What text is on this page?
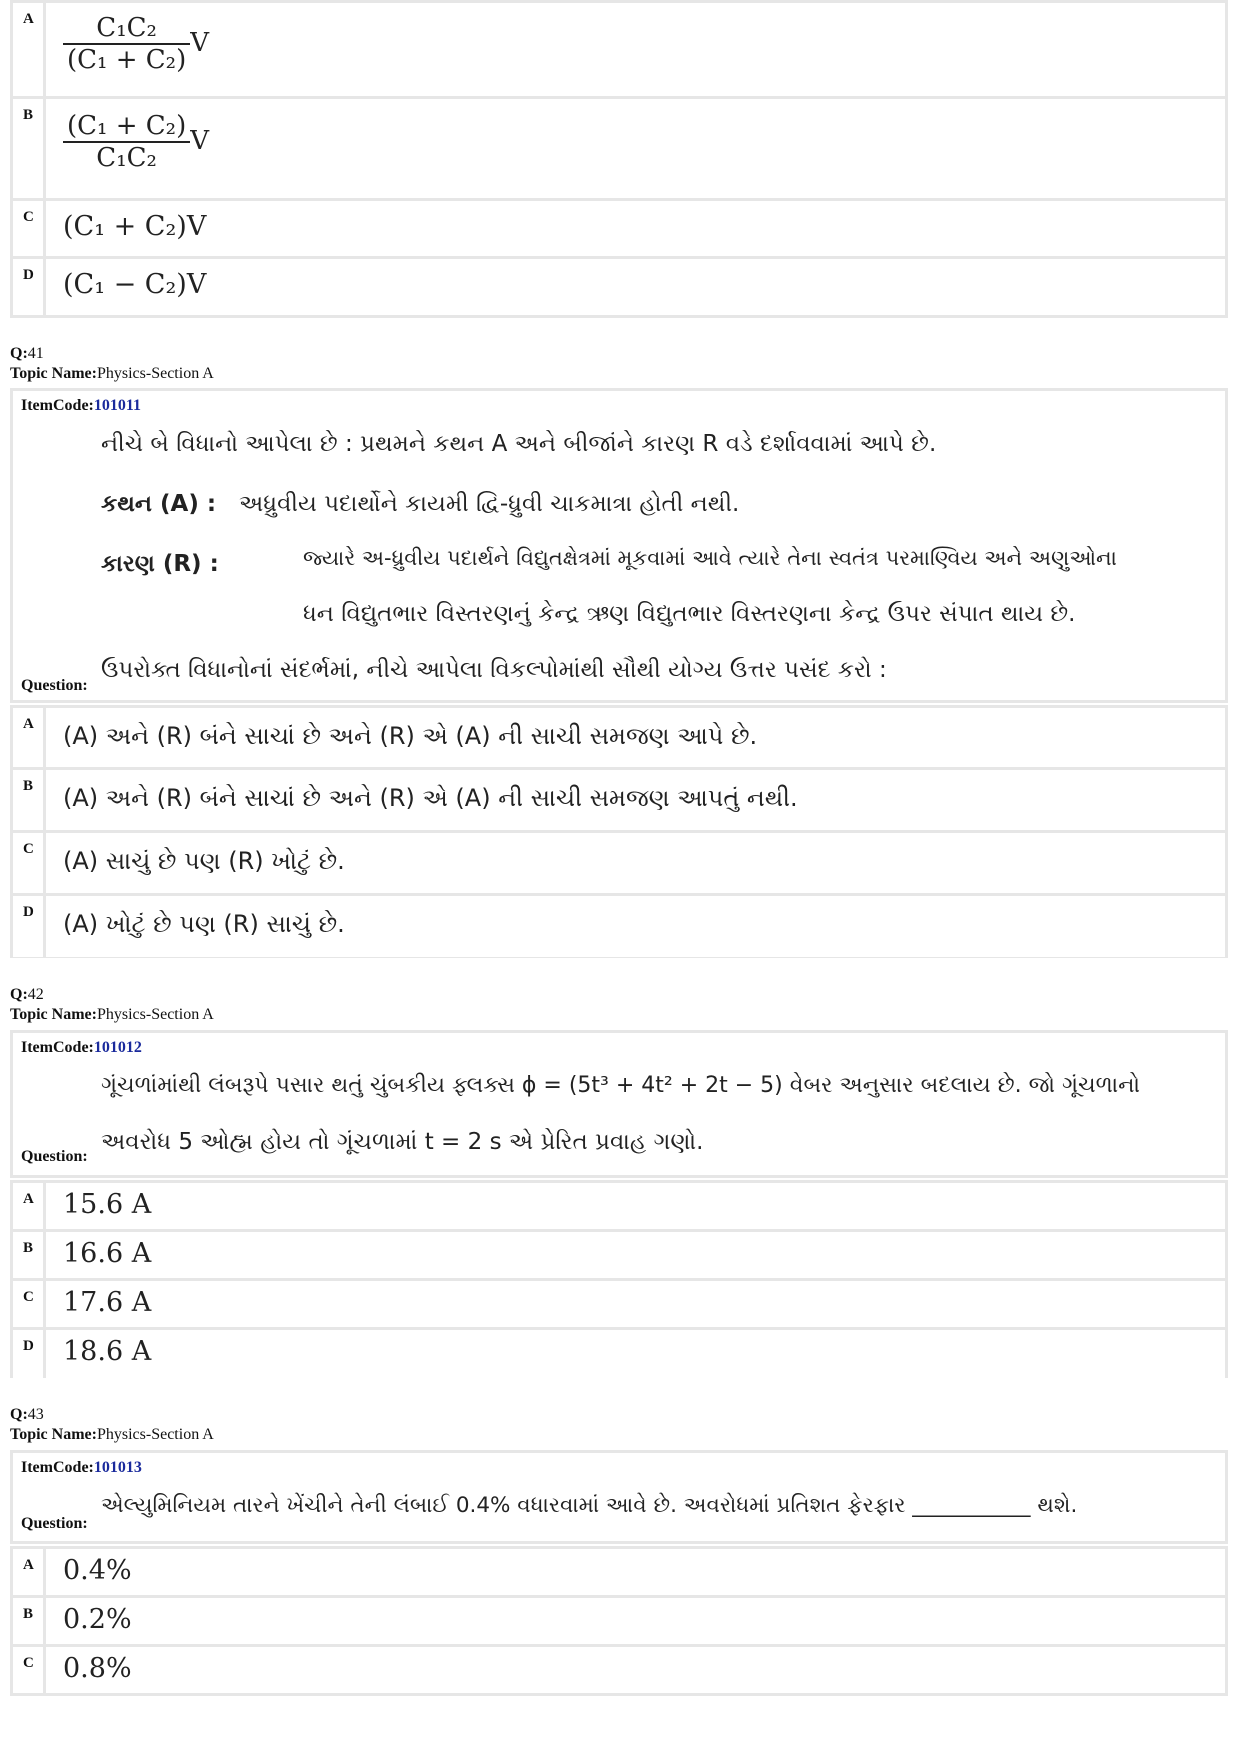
A $\frac{\text{C₁C₂}}{\text{(C₁ + C₂)}}$ V
B $\frac{\text{(C₁ + C₂)}}{\text{C₁C₂}}$ V
C (C₁ + C₂)V
D (C₁ − C₂)V
Q:41
Topic Name:Physics-Section A
ItemCode:101011
નીચે બે વિધાનો આપેલા છે : પ્રથમને કથન A અને બીજાંને કારણ R વડે દર્શાવવામાં આપે છે.
કથન (A) : અધ્રુવીય પદાર્થોને કાયમી દ્વિ-ધ્રુવી ચાકમાત્રા હોતી નથી.
કારણ (R) :	જ્યારે અ-ધ્રુવીય પદાર્થને વિદ્યુતક્ષેત્રમાં મૂકવામાં આવે ત્યારે તેના સ્વતંત્ર પરમાણ્વિય અને અણુઓના
ધન વિદ્યુતભાર વિસ્તરણનું કેન્દ્ર ઋણ વિદ્યુતભાર વિસ્તરણના કેન્દ્ર ઉપર સંપાત થાય છે.
Question:
ઉપરોક્ત વિધાનોનાં સંદર્ભમાં, નીચે આપેલા વિકલ્પોમાંથી સૌથી યોગ્ય ઉત્તર પસંદ કરો :
A (A) અને (R) બંને સાચાં છે અને (R) એ (A) ની સાચી સમજણ આપે છે.
B (A) અને (R) બંને સાચાં છે અને (R) એ (A) ની સાચી સમજણ આપતું નથી.
C (A) સાચું છે પણ (R) ખોટું છે.
D (A) ખોટું છે પણ (R) સાચું છે.
Q:42
Topic Name:Physics-Section A
ItemCode:101012
ગૂંચળાંમાંથી લંબરૂપે પસાર થતું ચુંબકીય ફ્લક્સ ϕ = (5t³ + 4t² + 2t − 5) વેબર અનુસાર બદલાય છે. જો ગૂંચળાનો
અવરોધ 5 ઓહ્મ હોય તો ગૂંચળામાં t = 2 s એ પ્રેરિત પ્રવાહ ગણો.
Question:
A 15.6 A
B 16.6 A
C 17.6 A
D 18.6 A
Q:43
Topic Name:Physics-Section A
ItemCode:101013
એલ્યુમિનિયમ તારને ખેંચીને તેની લંબાઈ 0.4% વધારવામાં આવે છે. અવરોધમાં પ્રતિશત ફેરફાર ___________ થશે.
Question:
A 0.4%
B 0.2%
C 0.8%
